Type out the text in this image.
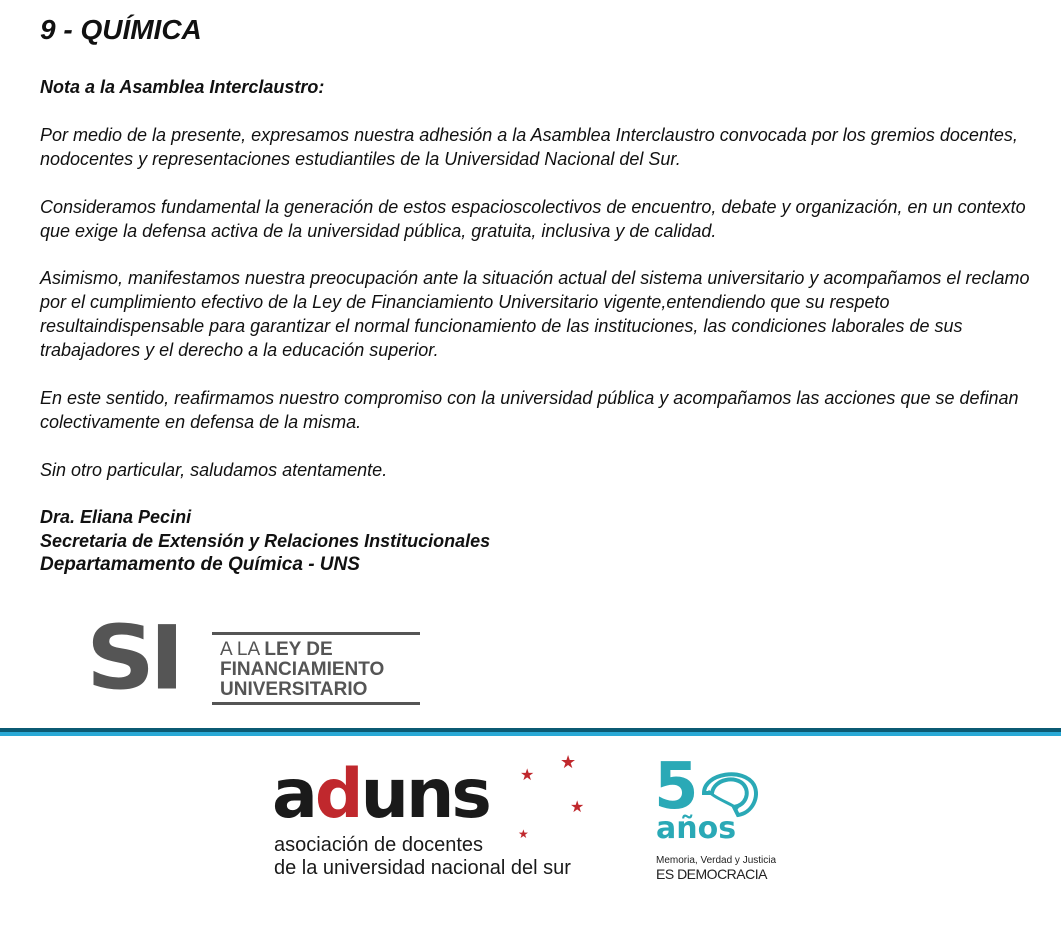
9 - QUÍMICA

Nota a la Asamblea Interclaustro:

Por medio de la presente, expresamos nuestra adhesión a la Asamblea Interclaustro convocada por los gremios docentes, nodocentes y representaciones estudiantiles de la Universidad Nacional del Sur.

Consideramos fundamental la generación de estos espacioscolectivos de encuentro, debate y organización, en un contexto que exige la defensa activa de la universidad pública, gratuita, inclusiva y de calidad.

Asimismo, manifestamos nuestra preocupación ante la situación actual del sistema universitario y acompañamos el reclamo por el cumplimiento efectivo de la Ley de Financiamiento Universitario vigente,entendiendo que su respeto resultaindispensable para garantizar el normal funcionamiento de las instituciones, las condiciones laborales de sus trabajadores y el derecho a la educación superior.

En este sentido, reafirmamos nuestro compromiso con la universidad pública y acompañamos las acciones que se definan colectivamente en defensa de la misma.

Sin otro particular, saludamos atentamente.

Dra. Eliana Pecini
Secretaria de Extensión y Relaciones Institucionales
Departamamento de Química - UNS
SI A LA LEY DE
FINANCIAMIENTO
UNIVERSITARIO
aduns ★
★
★
★
asociación de docentes
de la universidad nacional del sur
5
años
Memoria, Verdad y Justicia
ES DEMOCRACIA
